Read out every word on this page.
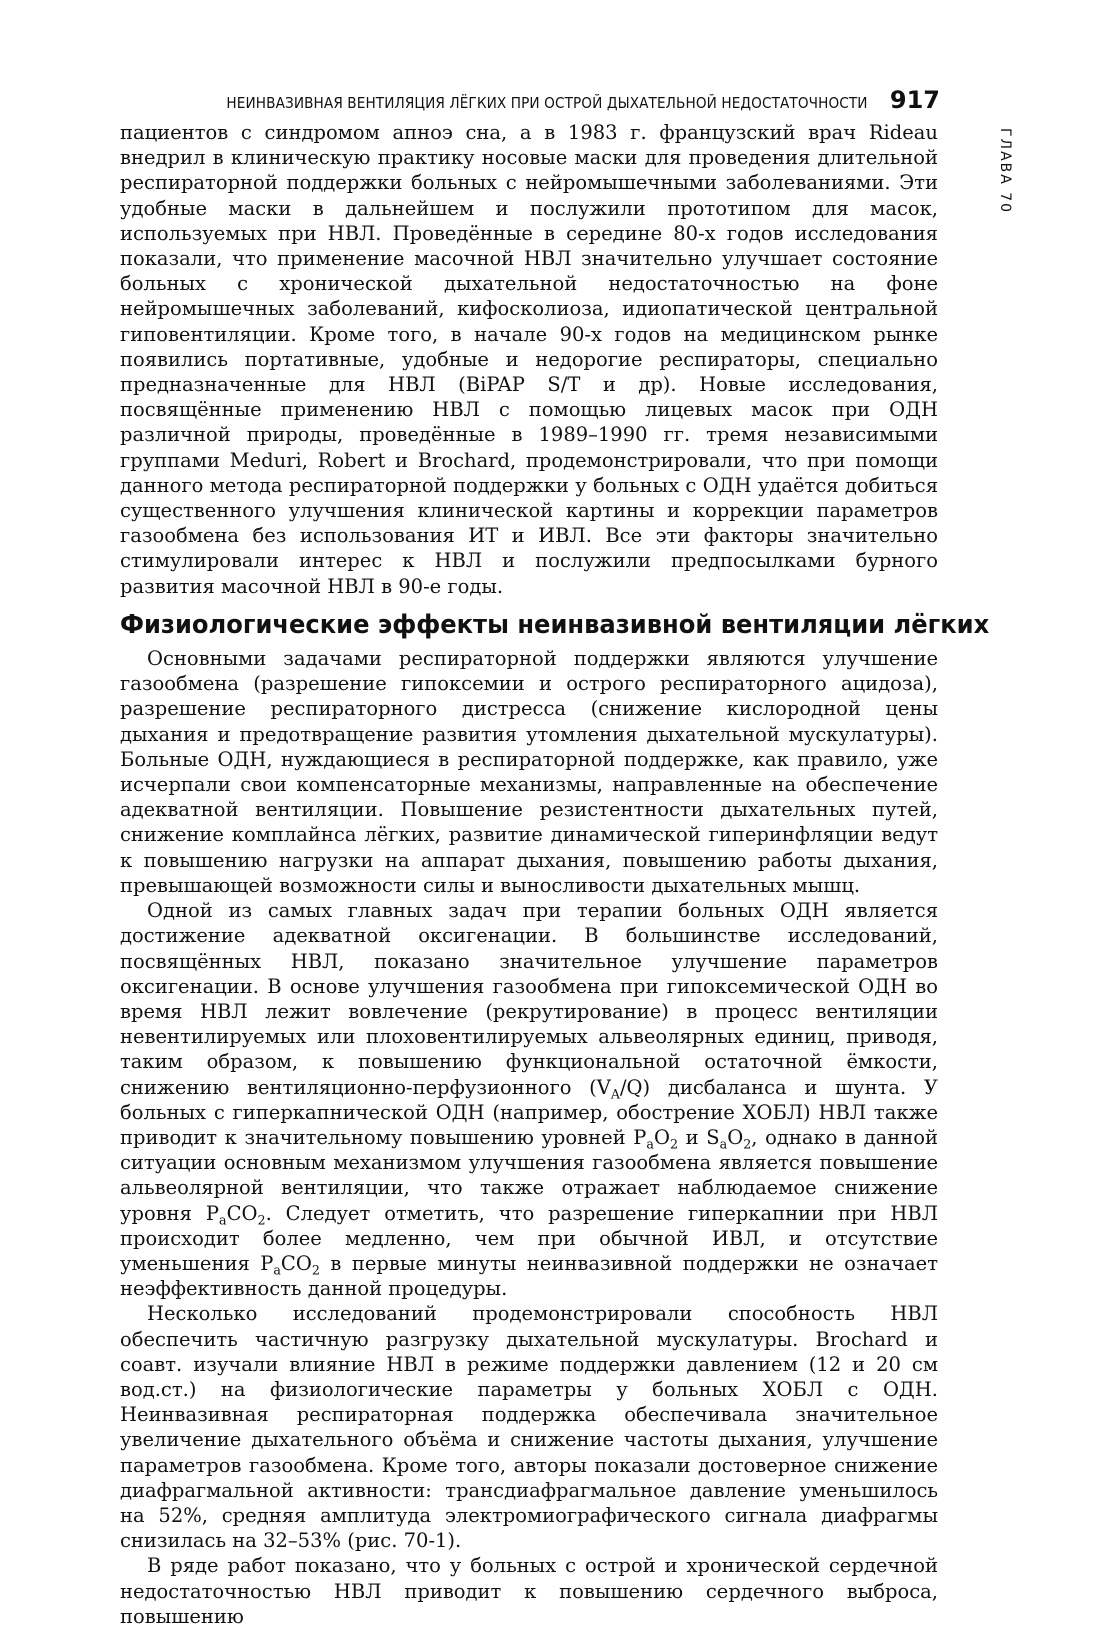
НЕИНВАЗИВНАЯ ВЕНТИЛЯЦИЯ ЛЁГКИХ ПРИ ОСТРОЙ ДЫХАТЕЛЬНОЙ НЕДОСТАТОЧНОСТИ 917
ГЛАВА 70

пациентов с синдромом апноэ сна, а в 1983 г. французский врач Rideau внедрил в клиническую практику носовые маски для проведения длительной респираторной поддержки больных с нейромышечными заболеваниями. Эти удобные маски в дальнейшем и послужили прототипом для масок, используемых при НВЛ. Проведённые в середине 80-х годов исследования показали, что применение масочной НВЛ значительно улучшает состояние больных с хронической дыхательной недостаточностью на фоне нейромышечных заболеваний, кифосколиоза, идиопатической центральной гиповентиляции. Кроме того, в начале 90-х годов на медицинском рынке появились портативные, удобные и недорогие респираторы, специально предназначенные для НВЛ (BiPAP S/T и др). Новые исследования, посвящённые применению НВЛ с помощью лицевых масок при ОДН различной природы, проведённые в 1989–1990 гг. тремя независимыми группами Meduri, Robert и Brochard, продемонстрировали, что при помощи данного метода респираторной поддержки у больных с ОДН удаётся добиться существенного улучшения клинической картины и коррекции параметров газообмена без использования ИТ и ИВЛ. Все эти факторы значительно стимулировали интерес к НВЛ и послужили предпосылками бурного развития масочной НВЛ в 90-е годы.

Физиологические эффекты неинвазивной вентиляции лёгких

Основными задачами респираторной поддержки являются улучшение газообмена (разрешение гипоксемии и острого респираторного ацидоза), разрешение респираторного дистресса (снижение кислородной цены дыхания и предотвращение развития утомления дыхательной мускулатуры). Больные ОДН, нуждающиеся в респираторной поддержке, как правило, уже исчерпали свои компенсаторные механизмы, направленные на обеспечение адекватной вентиляции. Повышение резистентности дыхательных путей, снижение комплайнса лёгких, развитие динамической гиперинфляции ведут к повышению нагрузки на аппарат дыхания, повышению работы дыхания, превышающей возможности силы и выносливости дыхательных мышц.

Одной из самых главных задач при терапии больных ОДН является достижение адекватной оксигенации. В большинстве исследований, посвящённых НВЛ, показано значительное улучшение параметров оксигенации. В основе улучшения газообмена при гипоксемической ОДН во время НВЛ лежит вовлечение (рекрутирование) в процесс вентиляции невентилируемых или плоховентилируемых альвеолярных единиц, приводя, таким образом, к повышению функциональной остаточной ёмкости, снижению вентиляционно-перфузионного $(V_A/Q)$ дисбаланса и шунта. У больных с гиперкапнической ОДН (например, обострение ХОБЛ) НВЛ также приводит к значительному повышению уровней $P_aO_2$ и $S_aO_2$, однако в данной ситуации основным механизмом улучшения газообмена является повышение альвеолярной вентиляции, что также отражает наблюдаемое снижение уровня $P_aCO_2$. Следует отметить, что разрешение гиперкапнии при НВЛ происходит более медленно, чем при обычной ИВЛ, и отсутствие уменьшения $P_aCO_2$ в первые минуты неинвазивной поддержки не означает неэффективность данной процедуры.

Несколько исследований продемонстрировали способность НВЛ обеспечить частичную разгрузку дыхательной мускулатуры. Brochard и соавт. изучали влияние НВЛ в режиме поддержки давлением (12 и 20 см вод.ст.) на физиологические параметры у больных ХОБЛ с ОДН. Неинвазивная респираторная поддержка обеспечивала значительное увеличение дыхательного объёма и снижение частоты дыхания, улучшение параметров газообмена. Кроме того, авторы показали достоверное снижение диафрагмальной активности: трансдиафрагмальное давление уменьшилось на 52%, средняя амплитуда электромиографического сигнала диафрагмы снизилась на 32–53% (рис. 70-1).

В ряде работ показано, что у больных с острой и хронической сердечной недостаточностью НВЛ приводит к повышению сердечного выброса, повышению
